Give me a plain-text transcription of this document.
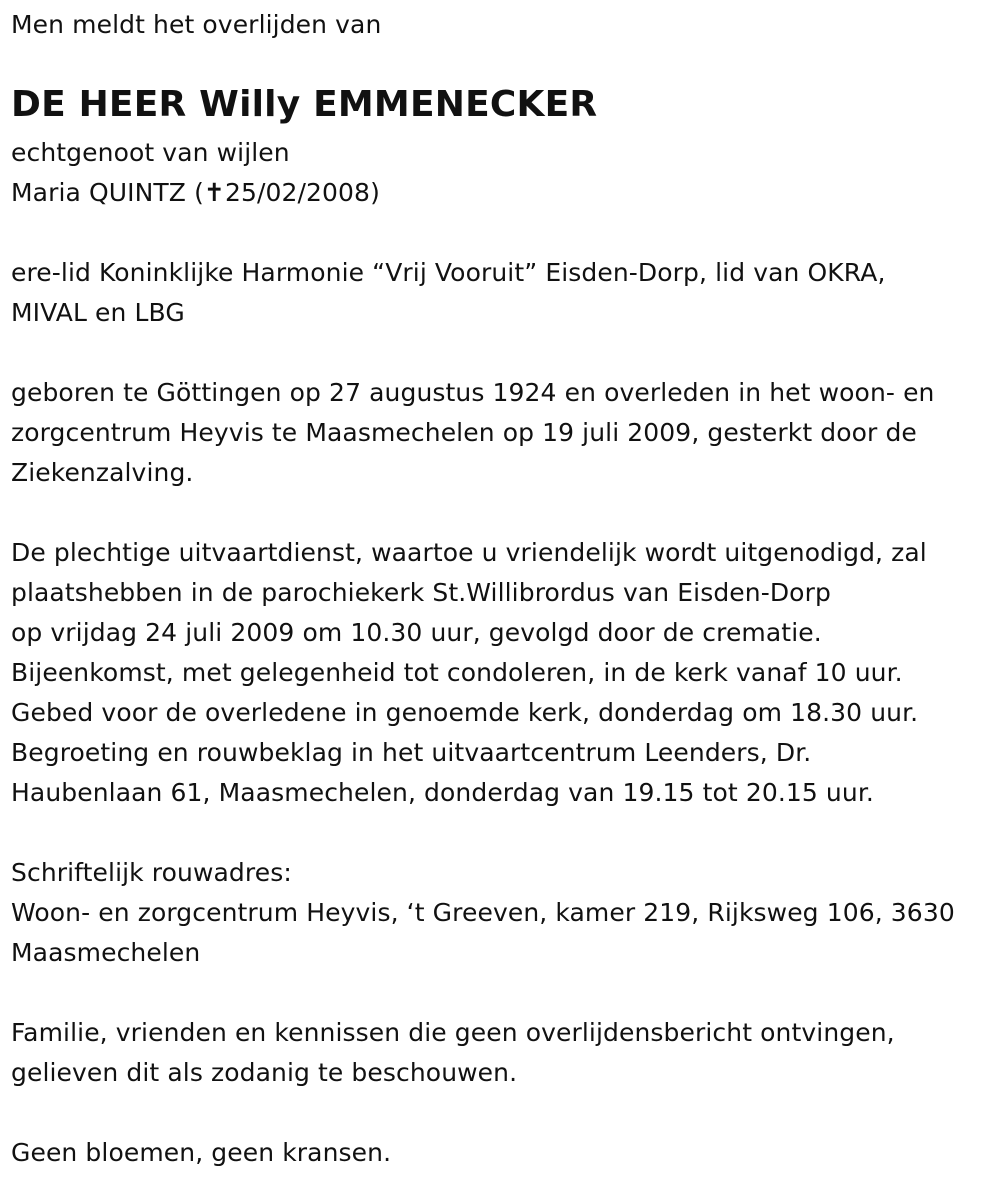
Men meldt het overlijden van
DE HEER Willy EMMENECKER
echtgenoot van wijlen
Maria QUINTZ (✝25/02/2008)
ere-lid Koninklijke Harmonie “Vrij Vooruit” Eisden-Dorp, lid van OKRA,
MIVAL en LBG
geboren te Göttingen op 27 augustus 1924 en overleden in het woon- en
zorgcentrum Heyvis te Maasmechelen op 19 juli 2009, gesterkt door de
Ziekenzalving.
De plechtige uitvaartdienst, waartoe u vriendelijk wordt uitgenodigd, zal
plaatshebben in de parochiekerk St.Willibrordus van Eisden-Dorp
op vrijdag 24 juli 2009 om 10.30 uur, gevolgd door de crematie.
Bijeenkomst, met gelegenheid tot condoleren, in de kerk vanaf 10 uur.
Gebed voor de overledene in genoemde kerk, donderdag om 18.30 uur.
Begroeting en rouwbeklag in het uitvaartcentrum Leenders, Dr.
Haubenlaan 61, Maasmechelen, donderdag van 19.15 tot 20.15 uur.
Schriftelijk rouwadres:
Woon- en zorgcentrum Heyvis, ‘t Greeven, kamer 219, Rijksweg 106, 3630
Maasmechelen
Familie, vrienden en kennissen die geen overlijdensbericht ontvingen,
gelieven dit als zodanig te beschouwen.
Geen bloemen, geen kransen.
